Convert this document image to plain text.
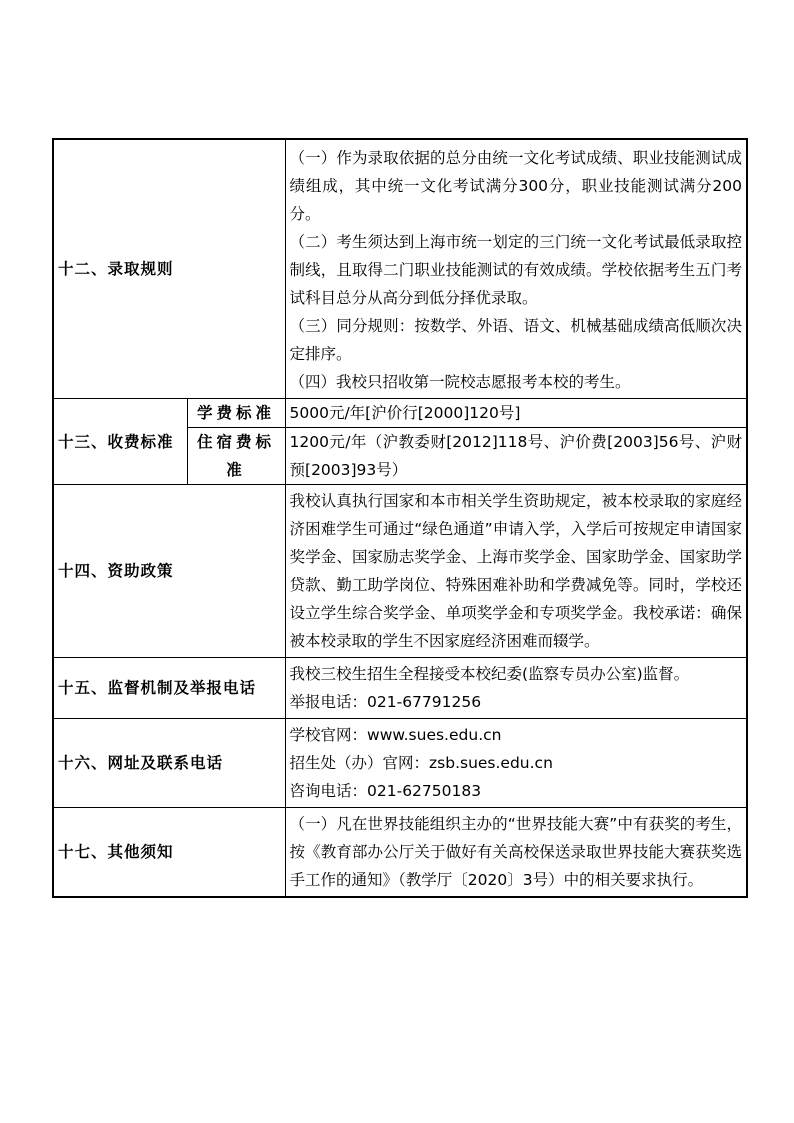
十二、录取规则		（一）作为录取依据的总分由统一文化考试成绩、职业技能测试成绩组成，其中统一文化考试满分300分，职业技能测试满分200分。

（二）考生须达到上海市统一划定的三门统一文化考试最低录取控制线，且取得二门职业技能测试的有效成绩。学校依据考生五门考试科目总分从高分到低分择优录取。

（三）同分规则：按数学、外语、语文、机械基础成绩高低顺次决定排序。

（四）我校只招收第一院校志愿报考本校的考生。

十三、收费标准	学费标准	5000元/年[沪价行[2000]120号]

	住宿费标准	1200元/年（沪教委财[2012]118号、沪价费[2003]56号、沪财预[2003]93号）

十四、资助政策		我校认真执行国家和本市相关学生资助规定，被本校录取的家庭经济困难学生可通过“绿色通道”申请入学，入学后可按规定申请国家奖学金、国家励志奖学金、上海市奖学金、国家助学金、国家助学贷款、勤工助学岗位、特殊困难补助和学费减免等。同时，学校还设立学生综合奖学金、单项奖学金和专项奖学金。我校承诺：确保被本校录取的学生不因家庭经济困难而辍学。

十五、监督机制及举报电话		我校三校生招生全程接受本校纪委(监察专员办公室)监督。

举报电话：021-67791256

十六、网址及联系电话		学校官网：www.sues.edu.cn

招生处（办）官网：zsb.sues.edu.cn

咨询电话：021-62750183

十七、其他须知		（一）凡在世界技能组织主办的“世界技能大赛”中有获奖的考生，按《教育部办公厅关于做好有关高校保送录取世界技能大赛获奖选手工作的通知》（教学厅〔2020〕3号）中的相关要求执行。
